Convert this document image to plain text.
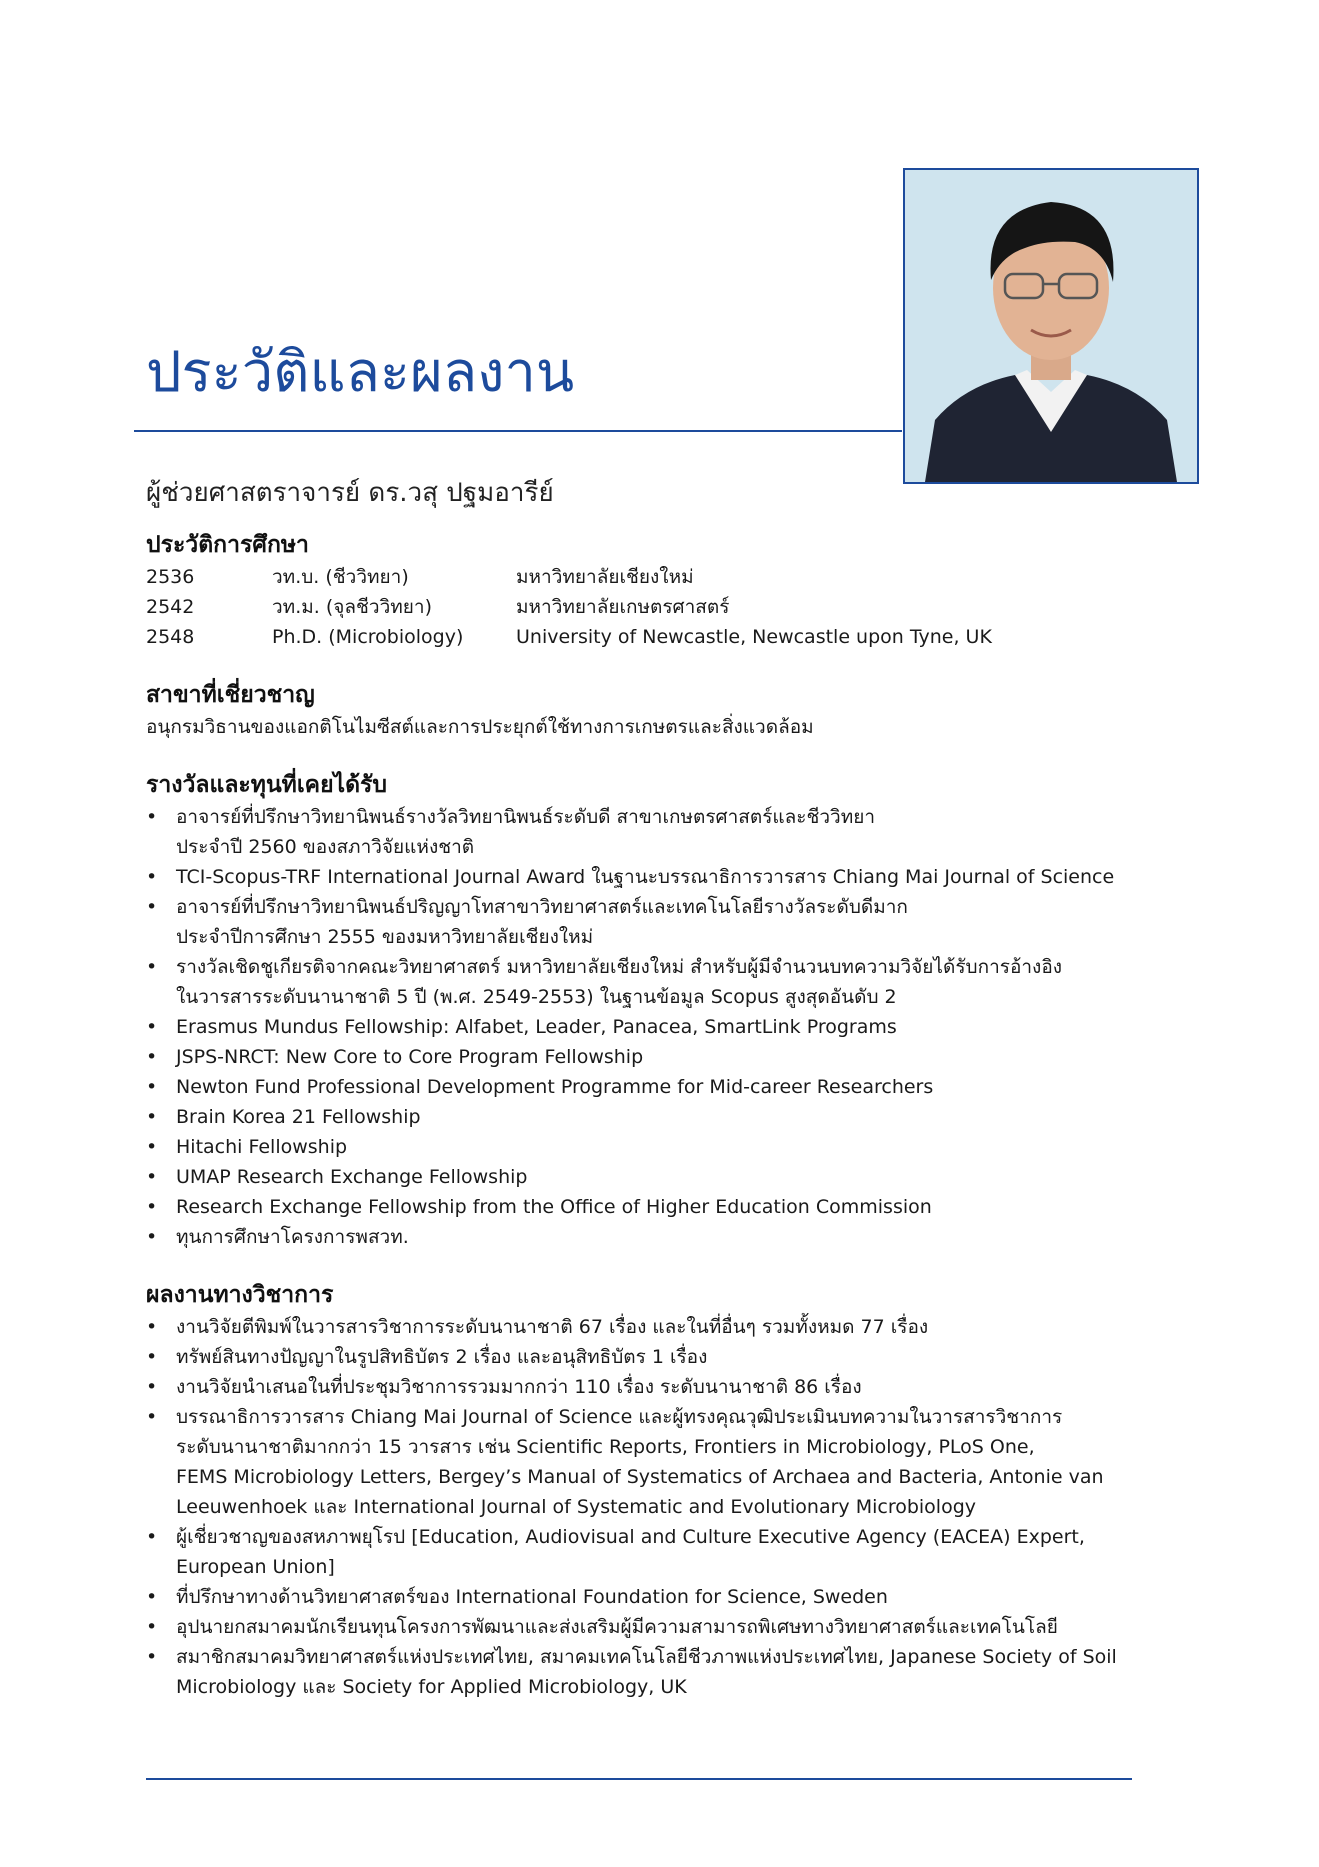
ประวัติและผลงาน

ผู้ช่วยศาสตราจารย์ ดร.วสุ ปฐมอารีย์

ประวัติการศึกษา
2536	วท.บ. (ชีววิทยา)	มหาวิทยาลัยเชียงใหม่
2542	วท.ม. (จุลชีววิทยา)	มหาวิทยาลัยเกษตรศาสตร์
2548	Ph.D. (Microbiology)	University of Newcastle, Newcastle upon Tyne, UK
สาขาที่เชี่ยวชาญ

อนุกรมวิธานของแอกติโนไมซีสต์และการประยุกต์ใช้ทางการเกษตรและสิ่งแวดล้อม

รางวัลและทุนที่เคยได้รับ
• อาจารย์ที่ปรึกษาวิทยานิพนธ์รางวัลวิทยานิพนธ์ระดับดี สาขาเกษตรศาสตร์และชีววิทยา
ประจำปี 2560 ของสภาวิจัยแห่งชาติ
• TCI-Scopus-TRF International Journal Award ในฐานะบรรณาธิการวารสาร Chiang Mai Journal of Science
• อาจารย์ที่ปรึกษาวิทยานิพนธ์ปริญญาโทสาขาวิทยาศาสตร์และเทคโนโลยีรางวัลระดับดีมาก
ประจำปีการศึกษา 2555 ของมหาวิทยาลัยเชียงใหม่
• รางวัลเชิดชูเกียรติจากคณะวิทยาศาสตร์ มหาวิทยาลัยเชียงใหม่ สำหรับผู้มีจำนวนบทความวิจัยได้รับการอ้างอิง
ในวารสารระดับนานาชาติ 5 ปี (พ.ศ. 2549-2553) ในฐานข้อมูล Scopus สูงสุดอันดับ 2
• Erasmus Mundus Fellowship: Alfabet, Leader, Panacea, SmartLink Programs
• JSPS-NRCT: New Core to Core Program Fellowship
• Newton Fund Professional Development Programme for Mid-career Researchers
• Brain Korea 21 Fellowship
• Hitachi Fellowship
• UMAP Research Exchange Fellowship
• Research Exchange Fellowship from the Office of Higher Education Commission
• ทุนการศึกษาโครงการพสวท.
ผลงานทางวิชาการ
• งานวิจัยตีพิมพ์ในวารสารวิชาการระดับนานาชาติ 67 เรื่อง และในที่อื่นๆ รวมทั้งหมด 77 เรื่อง
• ทรัพย์สินทางปัญญาในรูปสิทธิบัตร 2 เรื่อง และอนุสิทธิบัตร 1 เรื่อง
• งานวิจัยนำเสนอในที่ประชุมวิชาการรวมมากกว่า 110 เรื่อง ระดับนานาชาติ 86 เรื่อง
• บรรณาธิการวารสาร Chiang Mai Journal of Science และผู้ทรงคุณวุฒิประเมินบทความในวารสารวิชาการ
ระดับนานาชาติมากกว่า 15 วารสาร เช่น Scientific Reports, Frontiers in Microbiology, PLoS One,
FEMS Microbiology Letters, Bergey’s Manual of Systematics of Archaea and Bacteria, Antonie van
Leeuwenhoek และ International Journal of Systematic and Evolutionary Microbiology
• ผู้เชี่ยวชาญของสหภาพยุโรป [Education, Audiovisual and Culture Executive Agency (EACEA) Expert,
European Union]
• ที่ปรึกษาทางด้านวิทยาศาสตร์ของ International Foundation for Science, Sweden
• อุปนายกสมาคมนักเรียนทุนโครงการพัฒนาและส่งเสริมผู้มีความสามารถพิเศษทางวิทยาศาสตร์และเทคโนโลยี
• สมาชิกสมาคมวิทยาศาสตร์แห่งประเทศไทย, สมาคมเทคโนโลยีชีวภาพแห่งประเทศไทย, Japanese Society of Soil
Microbiology และ Society for Applied Microbiology, UK
